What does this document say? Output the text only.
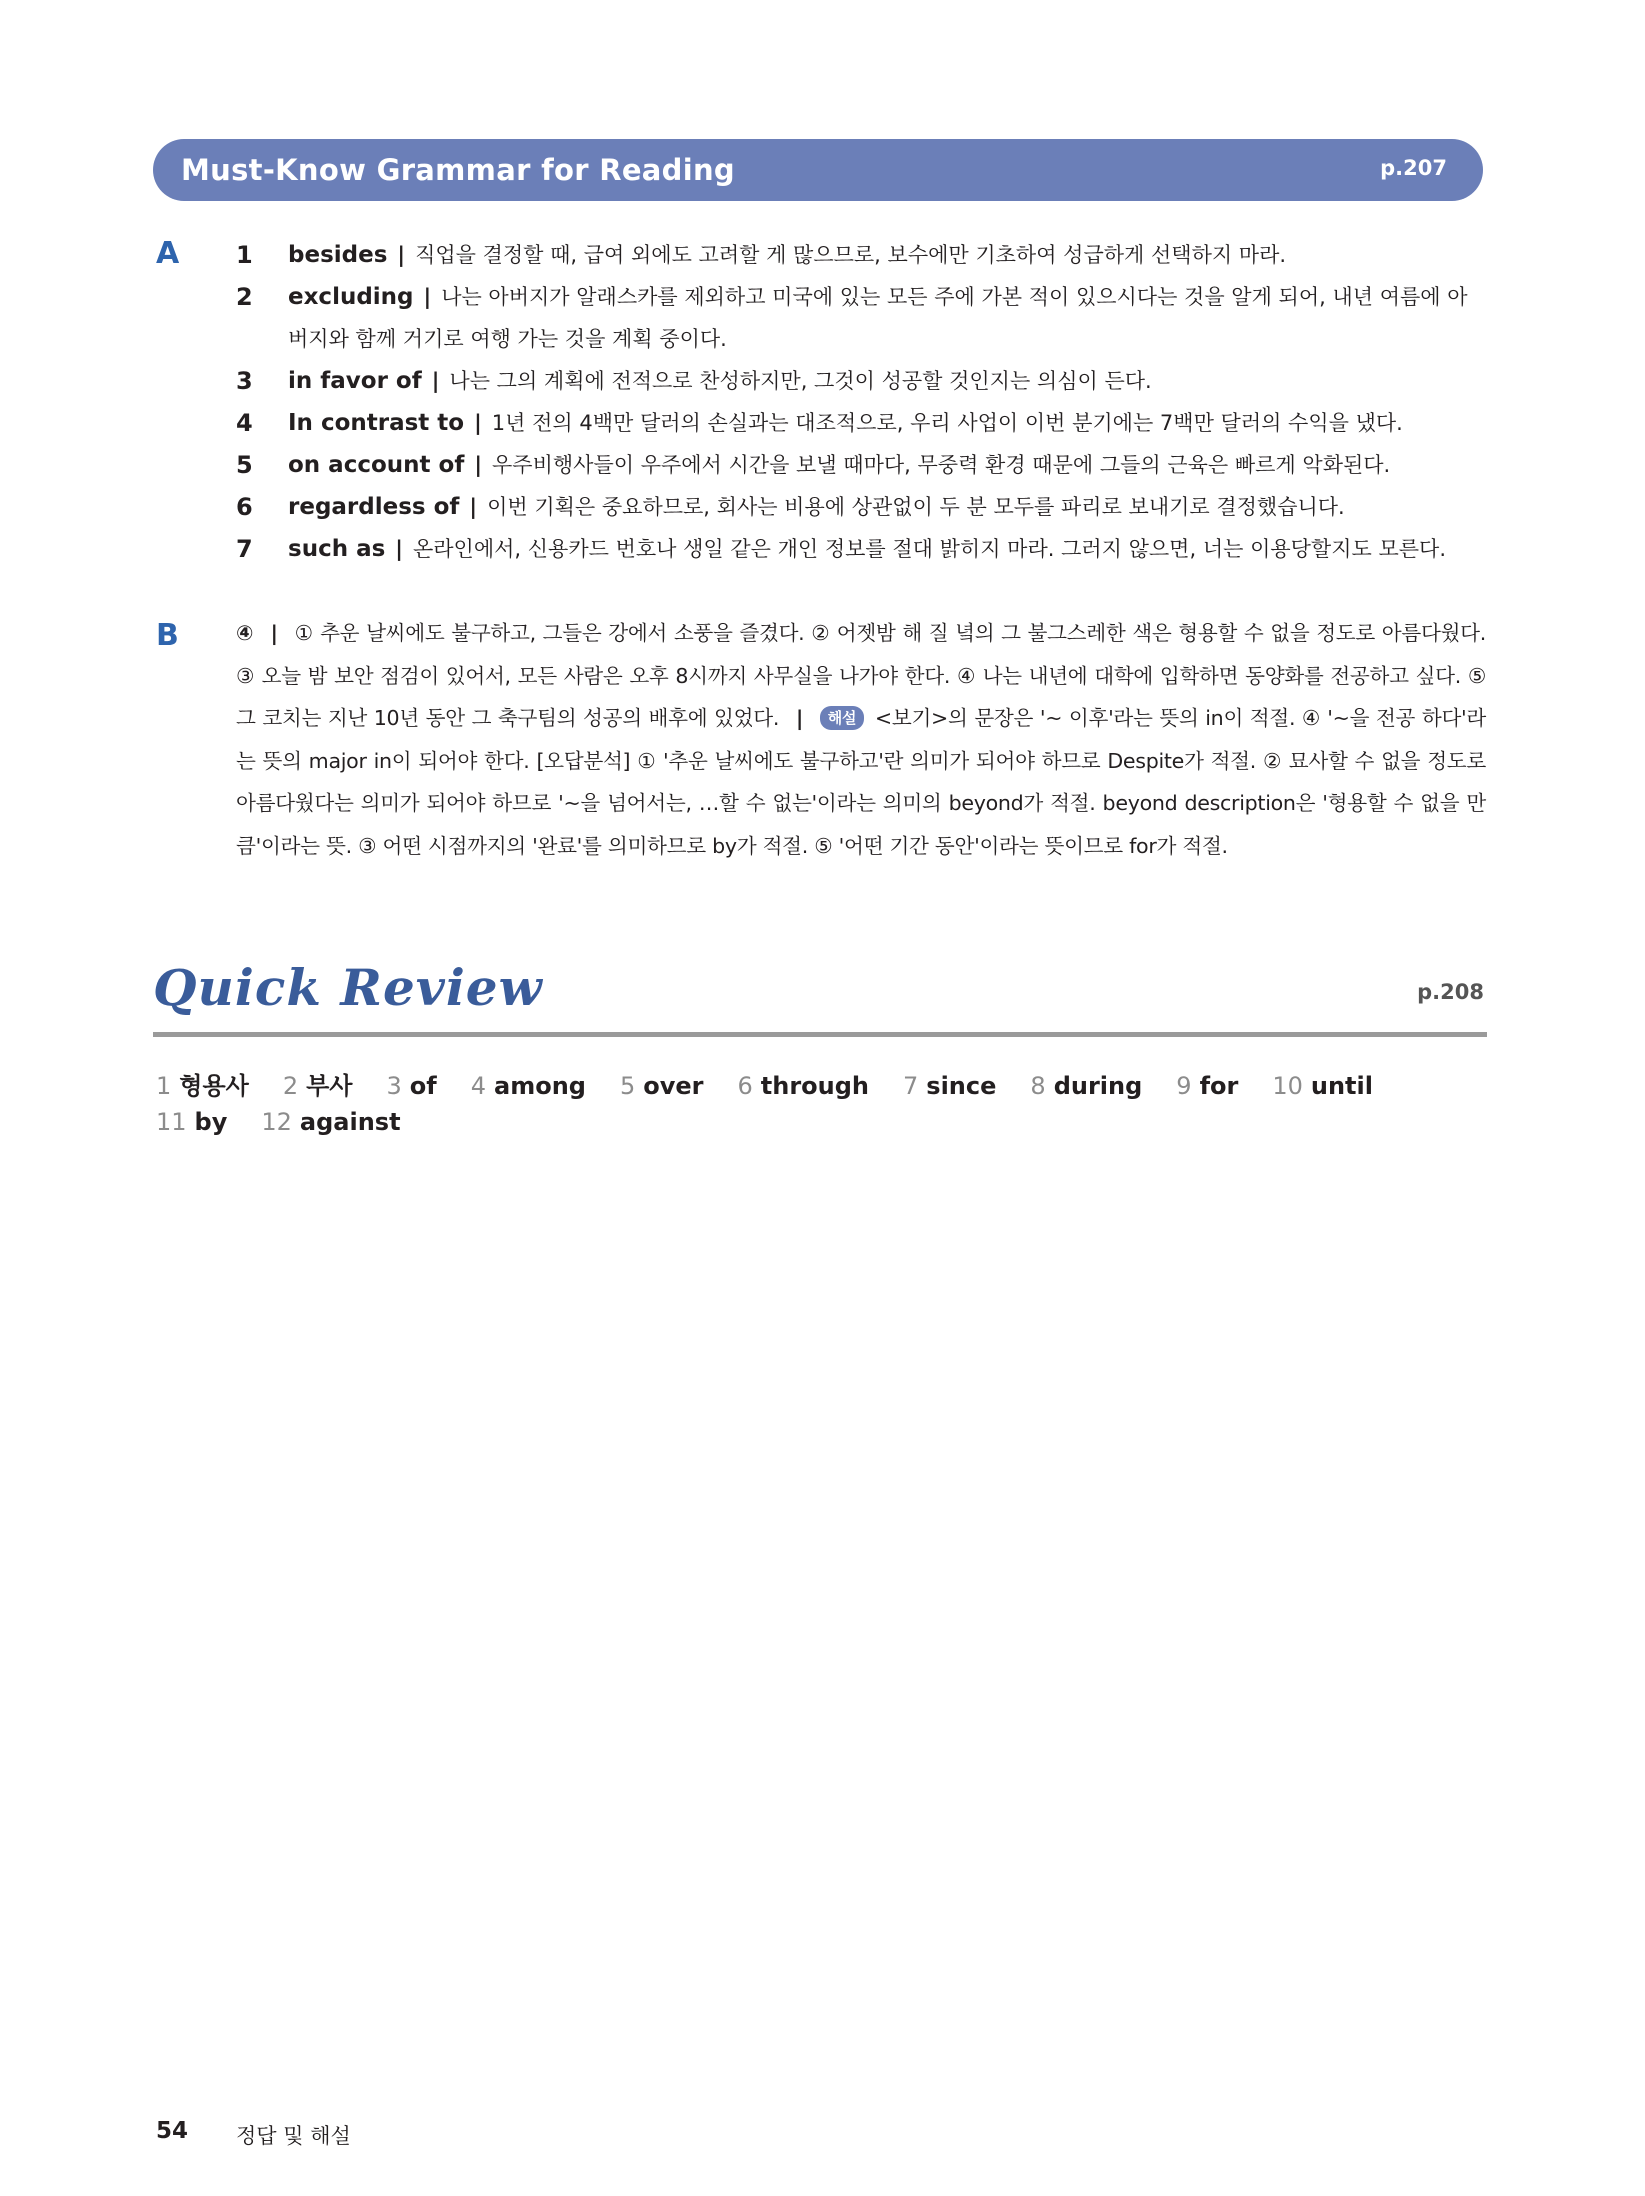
Must-Know Grammar for Reading	p.207
A 1 besides | 직업을 결정할 때, 급여 외에도 고려할 게 많으므로, 보수에만 기초하여 성급하게 선택하지 마라.
2 excluding | 나는 아버지가 알래스카를 제외하고 미국에 있는 모든 주에 가본 적이 있으시다는 것을 알게 되어, 내년 여름에 아버지와 함께 거기로 여행 가는 것을 계획 중이다.
3 in favor of | 나는 그의 계획에 전적으로 찬성하지만, 그것이 성공할 것인지는 의심이 든다.
4 In contrast to | 1년 전의 4백만 달러의 손실과는 대조적으로, 우리 사업이 이번 분기에는 7백만 달러의 수익을 냈다.
5 on account of | 우주비행사들이 우주에서 시간을 보낼 때마다, 무중력 환경 때문에 그들의 근육은 빠르게 악화된다.
6 regardless of | 이번 기획은 중요하므로, 회사는 비용에 상관없이 두 분 모두를 파리로 보내기로 결정했습니다.
7 such as | 온라인에서, 신용카드 번호나 생일 같은 개인 정보를 절대 밝히지 마라. 그러지 않으면, 너는 이용당할지도 모른다.
B	④ | ① 추운 날씨에도 불구하고, 그들은 강에서 소풍을 즐겼다. ② 어젯밤 해 질 녘의 그 불그스레한 색은 형용할 수 없을 정도로 아름다웠다. ③ 오늘 밤 보안 점검이 있어서, 모든 사람은 오후 8시까지 사무실을 나가야 한다. ④ 나는 내년에 대학에 입학하면 동양화를 전공하고 싶다. ⑤ 그 코치는 지난 10년 동안 그 축구팀의 성공의 배후에 있었다. | 해설 <보기>의 문장은 '~ 이후'라는 뜻의 in이 적절. ④ '~을 전공 하다'라는 뜻의 major in이 되어야 한다. [오답분석] ① '추운 날씨에도 불구하고'란 의미가 되어야 하므로 Despite가 적절. ② 묘사할 수 없을 정도로 아름다웠다는 의미가 되어야 하므로 '~을 넘어서는, …할 수 없는'이라는 의미의 beyond가 적절. beyond description은 '형용할 수 없을 만큼'이라는 뜻. ③ 어떤 시점까지의 '완료'를 의미하므로 by가 적절. ⑤ '어떤 기간 동안'이라는 뜻이므로 for가 적절.
Quick Review	p.208
1 형용사 2 부사 3 of 4 among 5 over 6 through 7 since 8 during 9 for 10 until
11 by 12 against
54 정답 및 해설
